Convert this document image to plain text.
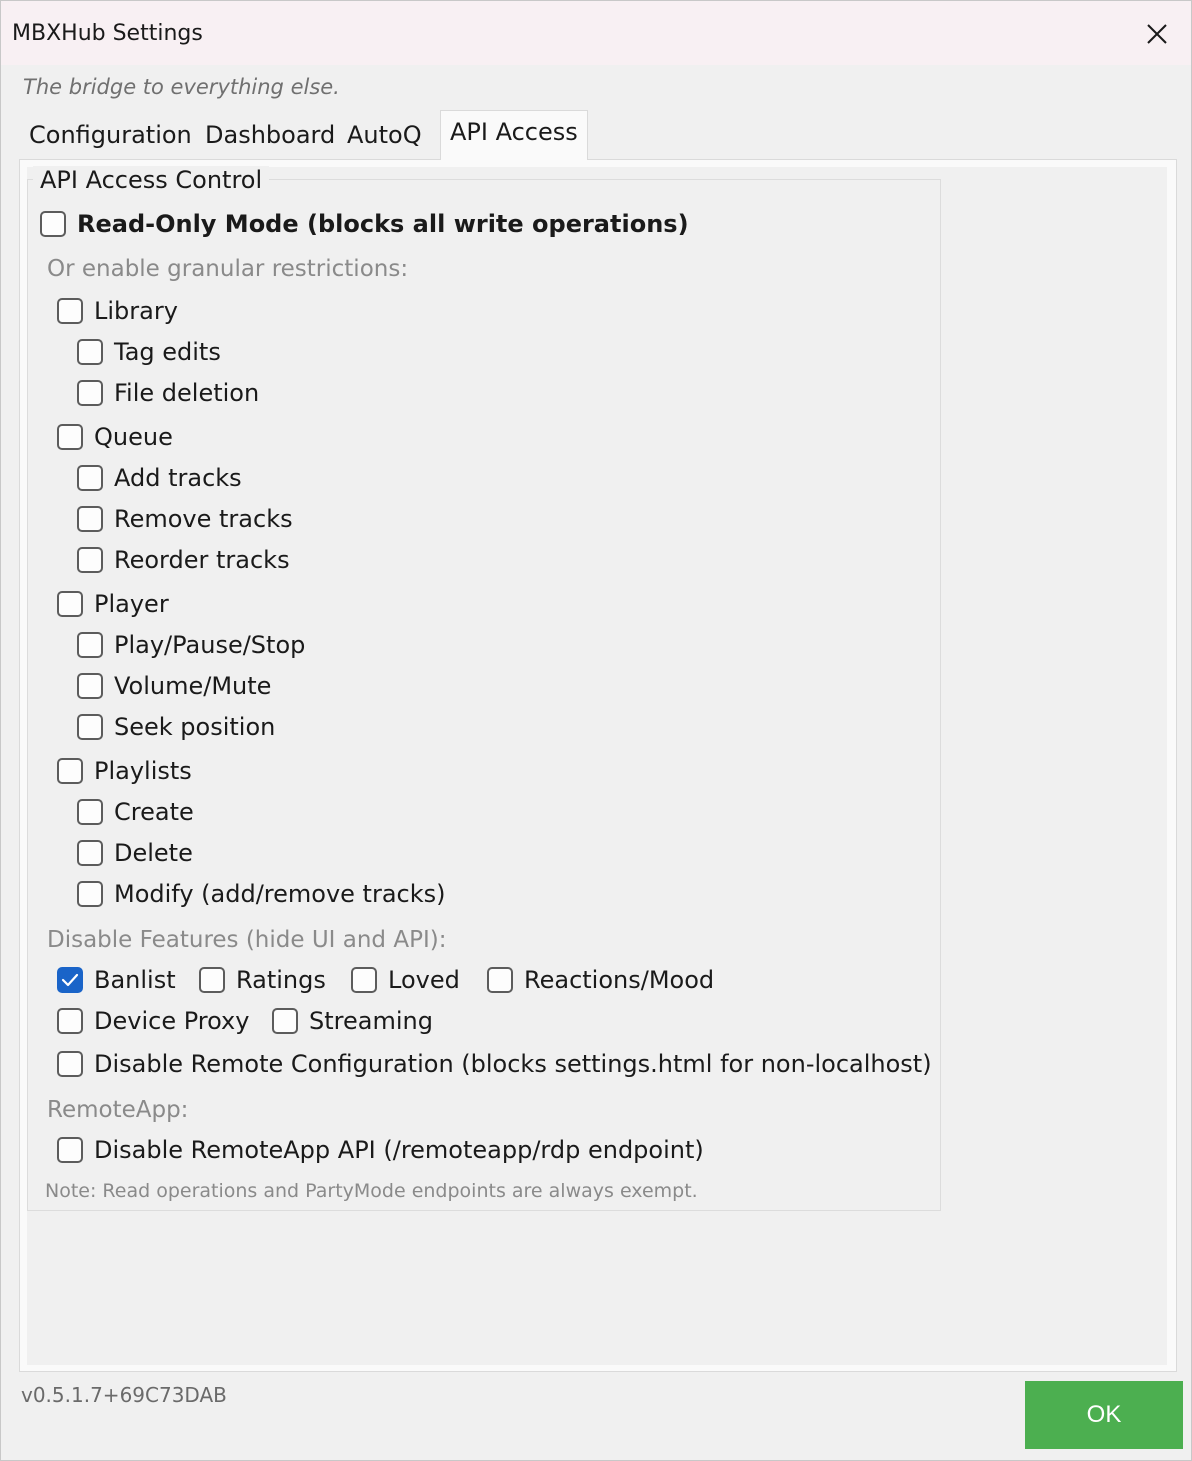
MBXHub Settings
The bridge to everything else.
Configuration Dashboard AutoQ	API Access
API Access Control
Read-Only Mode (blocks all write operations)
Or enable granular restrictions:
Library
Tag edits
File deletion
Queue
Add tracks
Remove tracks
Reorder tracks
Player
Play/Pause/Stop
Volume/Mute
Seek position
Playlists
Create
Delete
Modify (add/remove tracks)
Disable Features (hide UI and API):
Banlist	Ratings	Loved	Reactions/Mood
Device Proxy Streaming
Disable Remote Configuration (blocks settings.html for non-localhost)
RemoteApp:
Disable RemoteApp API (/remoteapp/rdp endpoint)
Note: Read operations and PartyMode endpoints are always exempt.
v0.5.1.7+69C73DAB
OK
